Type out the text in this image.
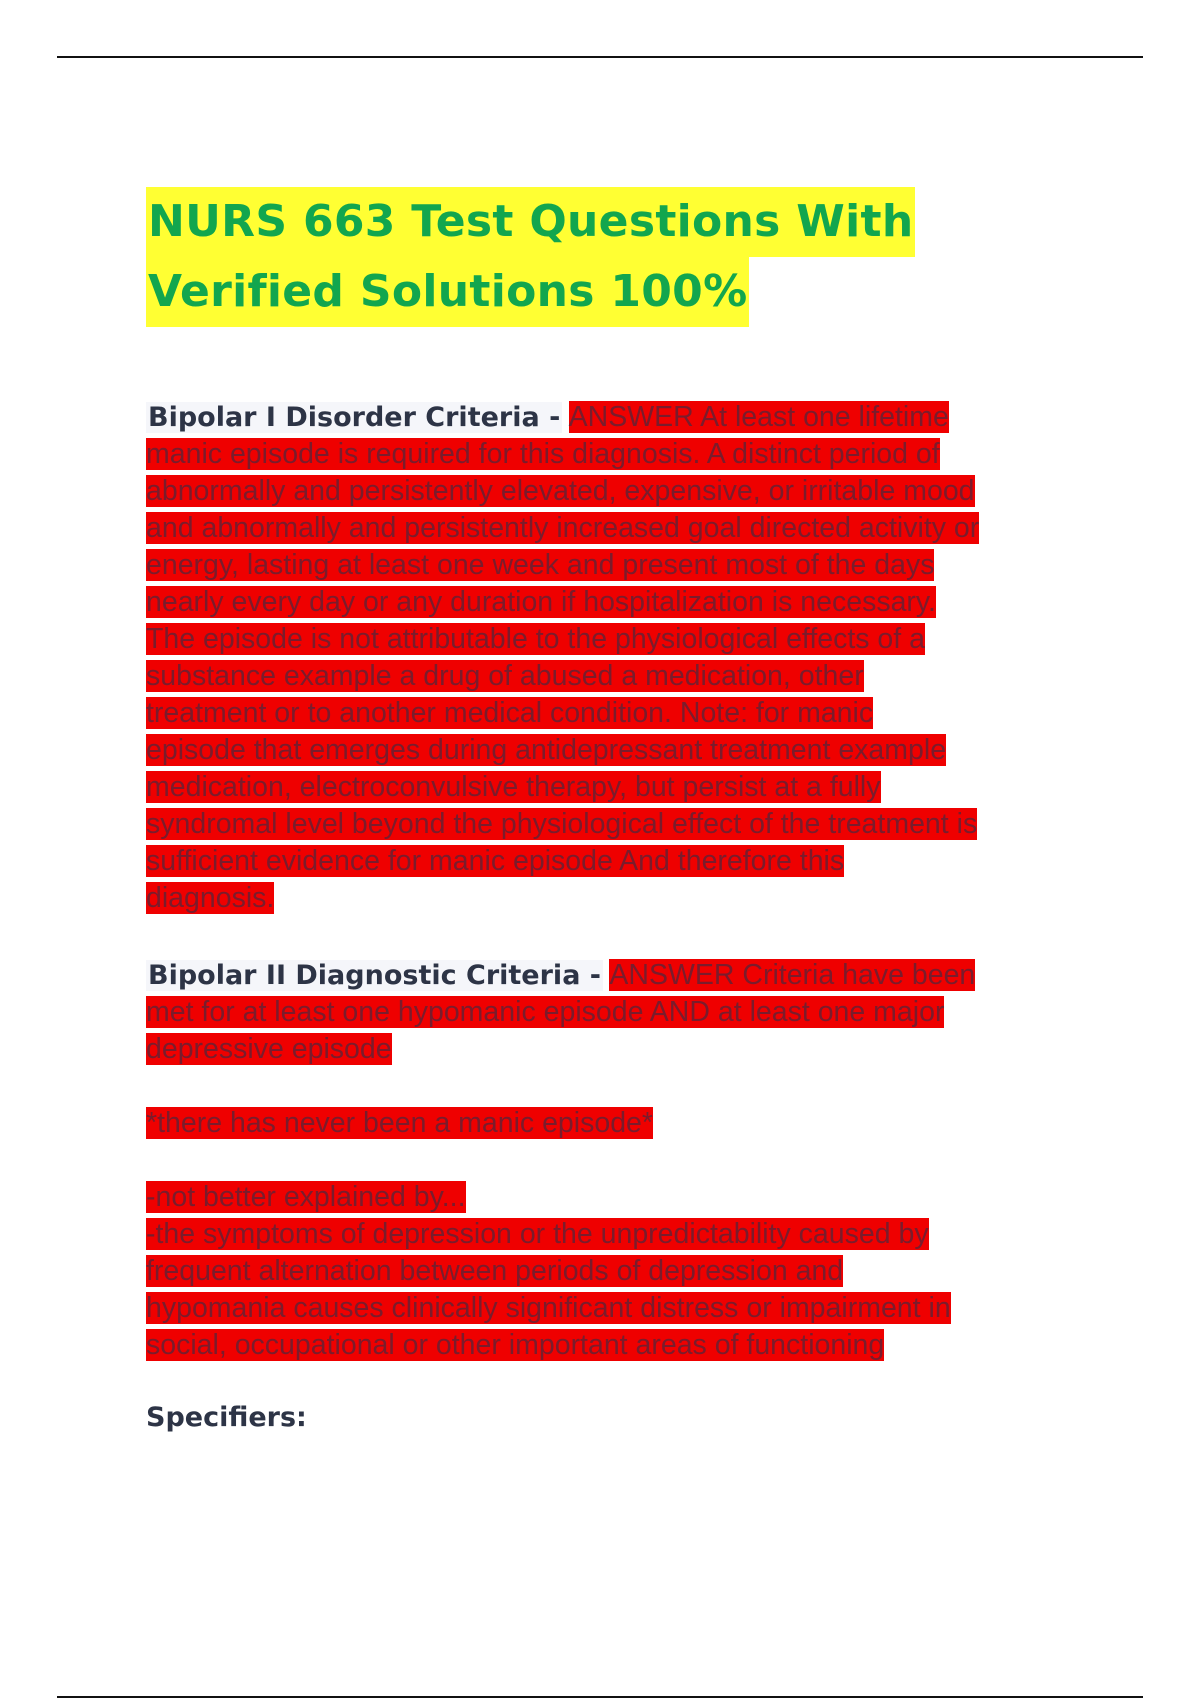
NURS 663 Test Questions With
Verified Solutions 100%

Bipolar I Disorder Criteria - ANSWER At least one lifetime
manic episode is required for this diagnosis. A distinct period of
abnormally and persistently elevated, expensive, or irritable mood
and abnormally and persistently increased goal directed activity or
energy, lasting at least one week and present most of the days
nearly every day or any duration if hospitalization is necessary.
The episode is not attributable to the physiological effects of a
substance example a drug of abused a medication, other
treatment or to another medical condition. Note: for manic
episode that emerges during antidepressant treatment example
medication, electroconvulsive therapy, but persist at a fully
syndromal level beyond the physiological effect of the treatment is
sufficient evidence for manic episode And therefore this
diagnosis.

Bipolar II Diagnostic Criteria - ANSWER Criteria have been
met for at least one hypomanic episode AND at least one major
depressive episode

*there has never been a manic episode*

-not better explained by...
-the symptoms of depression or the unpredictability caused by
frequent alternation between periods of depression and
hypomania causes clinically significant distress or impairment in
social, occupational or other important areas of functioning

Specifiers:
